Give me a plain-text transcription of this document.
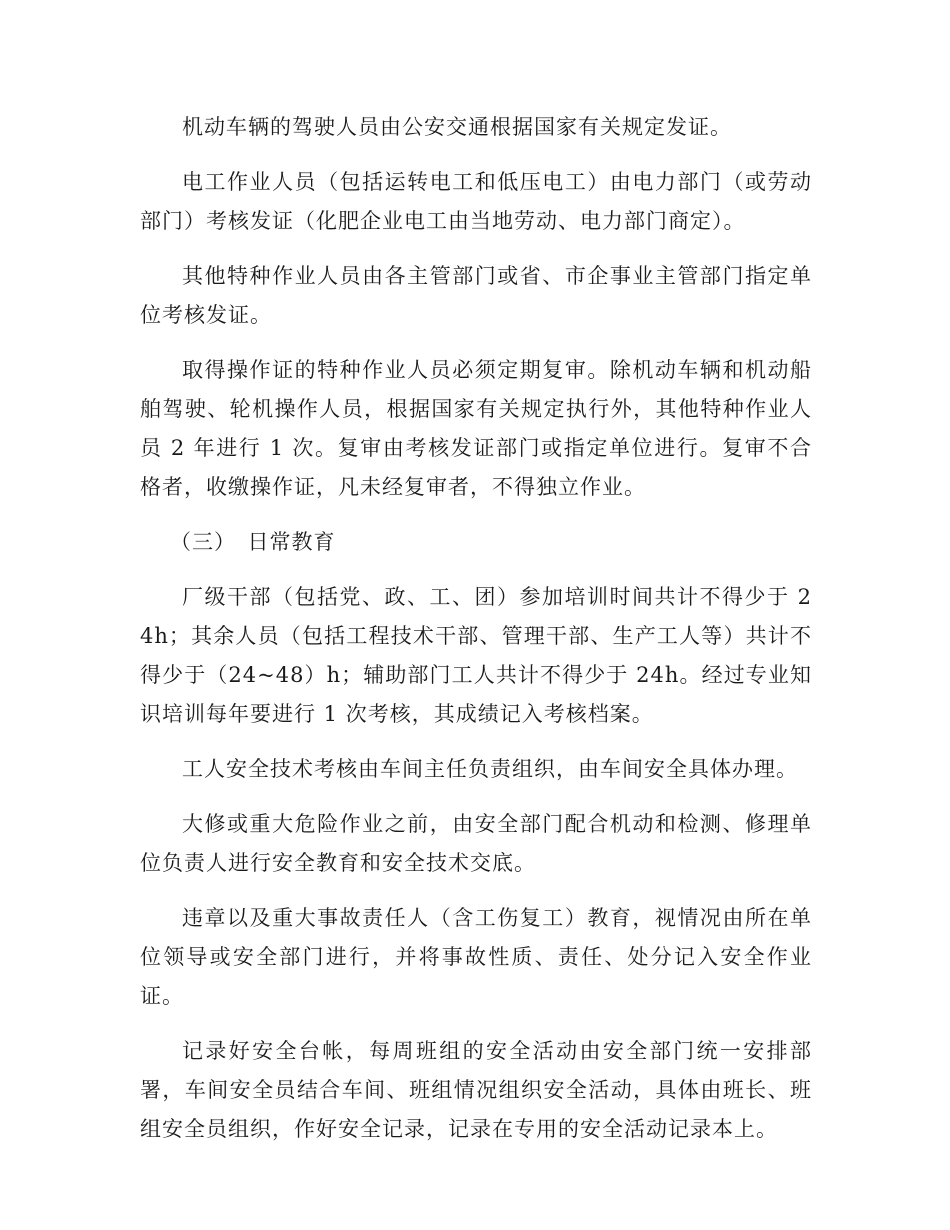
机动车辆的驾驶人员由公安交通根据国家有关规定发证。

电工作业人员（包括运转电工和低压电工）由电力部门（或劳动部门）考核发证（化肥企业电工由当地劳动、电力部门商定）。

其他特种作业人员由各主管部门或省、市企事业主管部门指定单位考核发证。

取得操作证的特种作业人员必须定期复审。除机动车辆和机动船舶驾驶、轮机操作人员，根据国家有关规定执行外，其他特种作业人员 2 年进行 1 次。复审由考核发证部门或指定单位进行。复审不合格者，收缴操作证，凡未经复审者，不得独立作业。

（三）　日常教育

厂级干部（包括党、政、工、团）参加培训时间共计不得少于 24h；其余人员（包括工程技术干部、管理干部、生产工人等）共计不得少于（24~48）h；辅助部门工人共计不得少于 24h。经过专业知识培训每年要进行 1 次考核，其成绩记入考核档案。

工人安全技术考核由车间主任负责组织，由车间安全具体办理。

大修或重大危险作业之前，由安全部门配合机动和检测、修理单位负责人进行安全教育和安全技术交底。

违章以及重大事故责任人（含工伤复工）教育，视情况由所在单位领导或安全部门进行，并将事故性质、责任、处分记入安全作业证。

记录好安全台帐，每周班组的安全活动由安全部门统一安排部署，车间安全员结合车间、班组情况组织安全活动，具体由班长、班组安全员组织，作好安全记录，记录在专用的安全活动记录本上。
